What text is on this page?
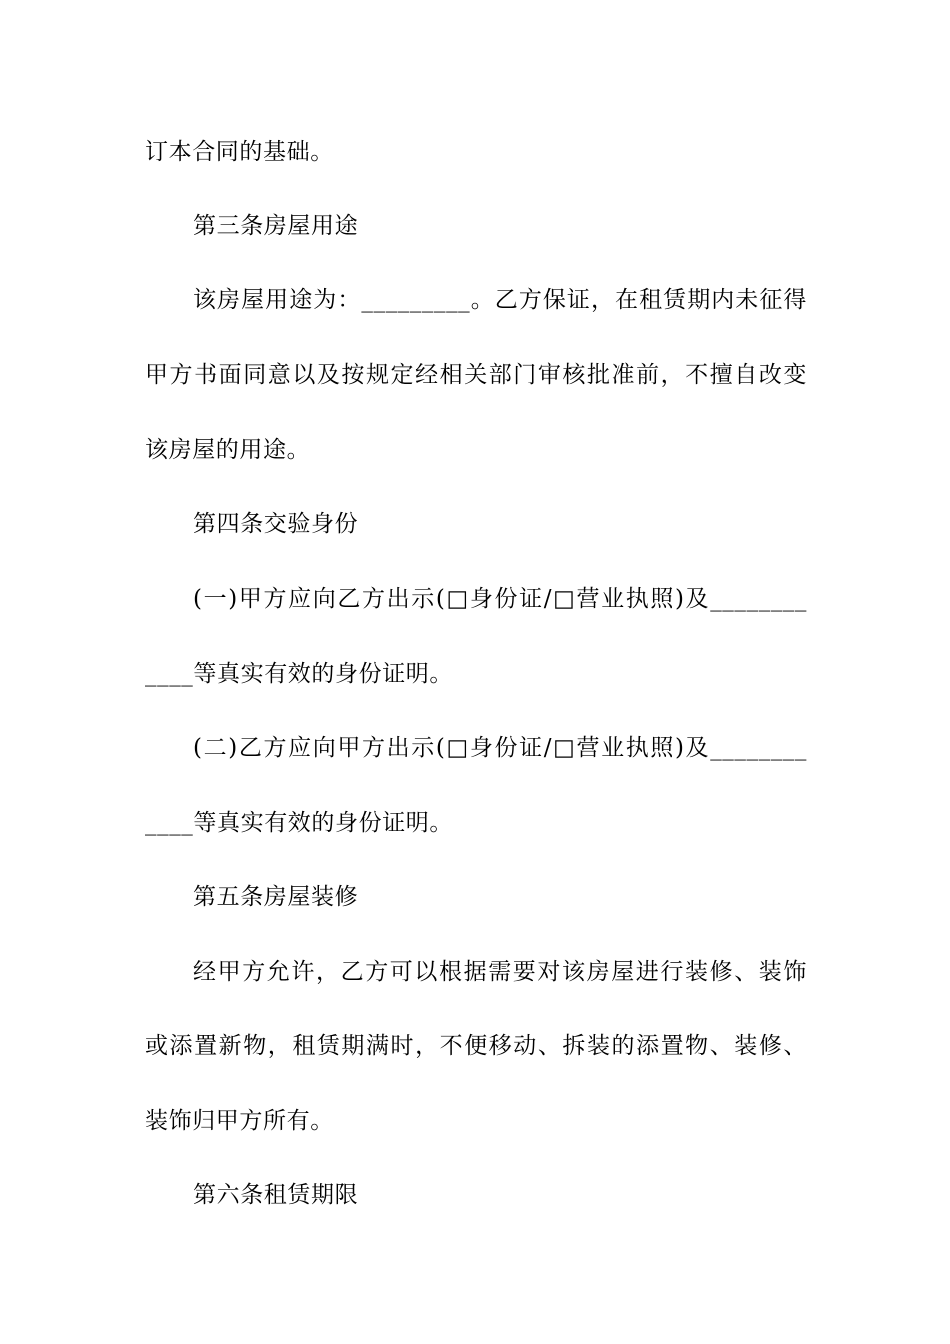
订本合同的基础。
第三条房屋用途
该房屋用途为：_________。乙方保证，在租赁期内未征得
甲方书面同意以及按规定经相关部门审核批准前，不擅自改变
该房屋的用途。
第四条交验身份
(一)甲方应向乙方出示(□身份证/□营业执照)及________
____等真实有效的身份证明。
(二)乙方应向甲方出示(□身份证/□营业执照)及________
____等真实有效的身份证明。
第五条房屋装修
经甲方允许，乙方可以根据需要对该房屋进行装修、装饰
或添置新物，租赁期满时，不便移动、拆装的添置物、装修、
装饰归甲方所有。
第六条租赁期限
